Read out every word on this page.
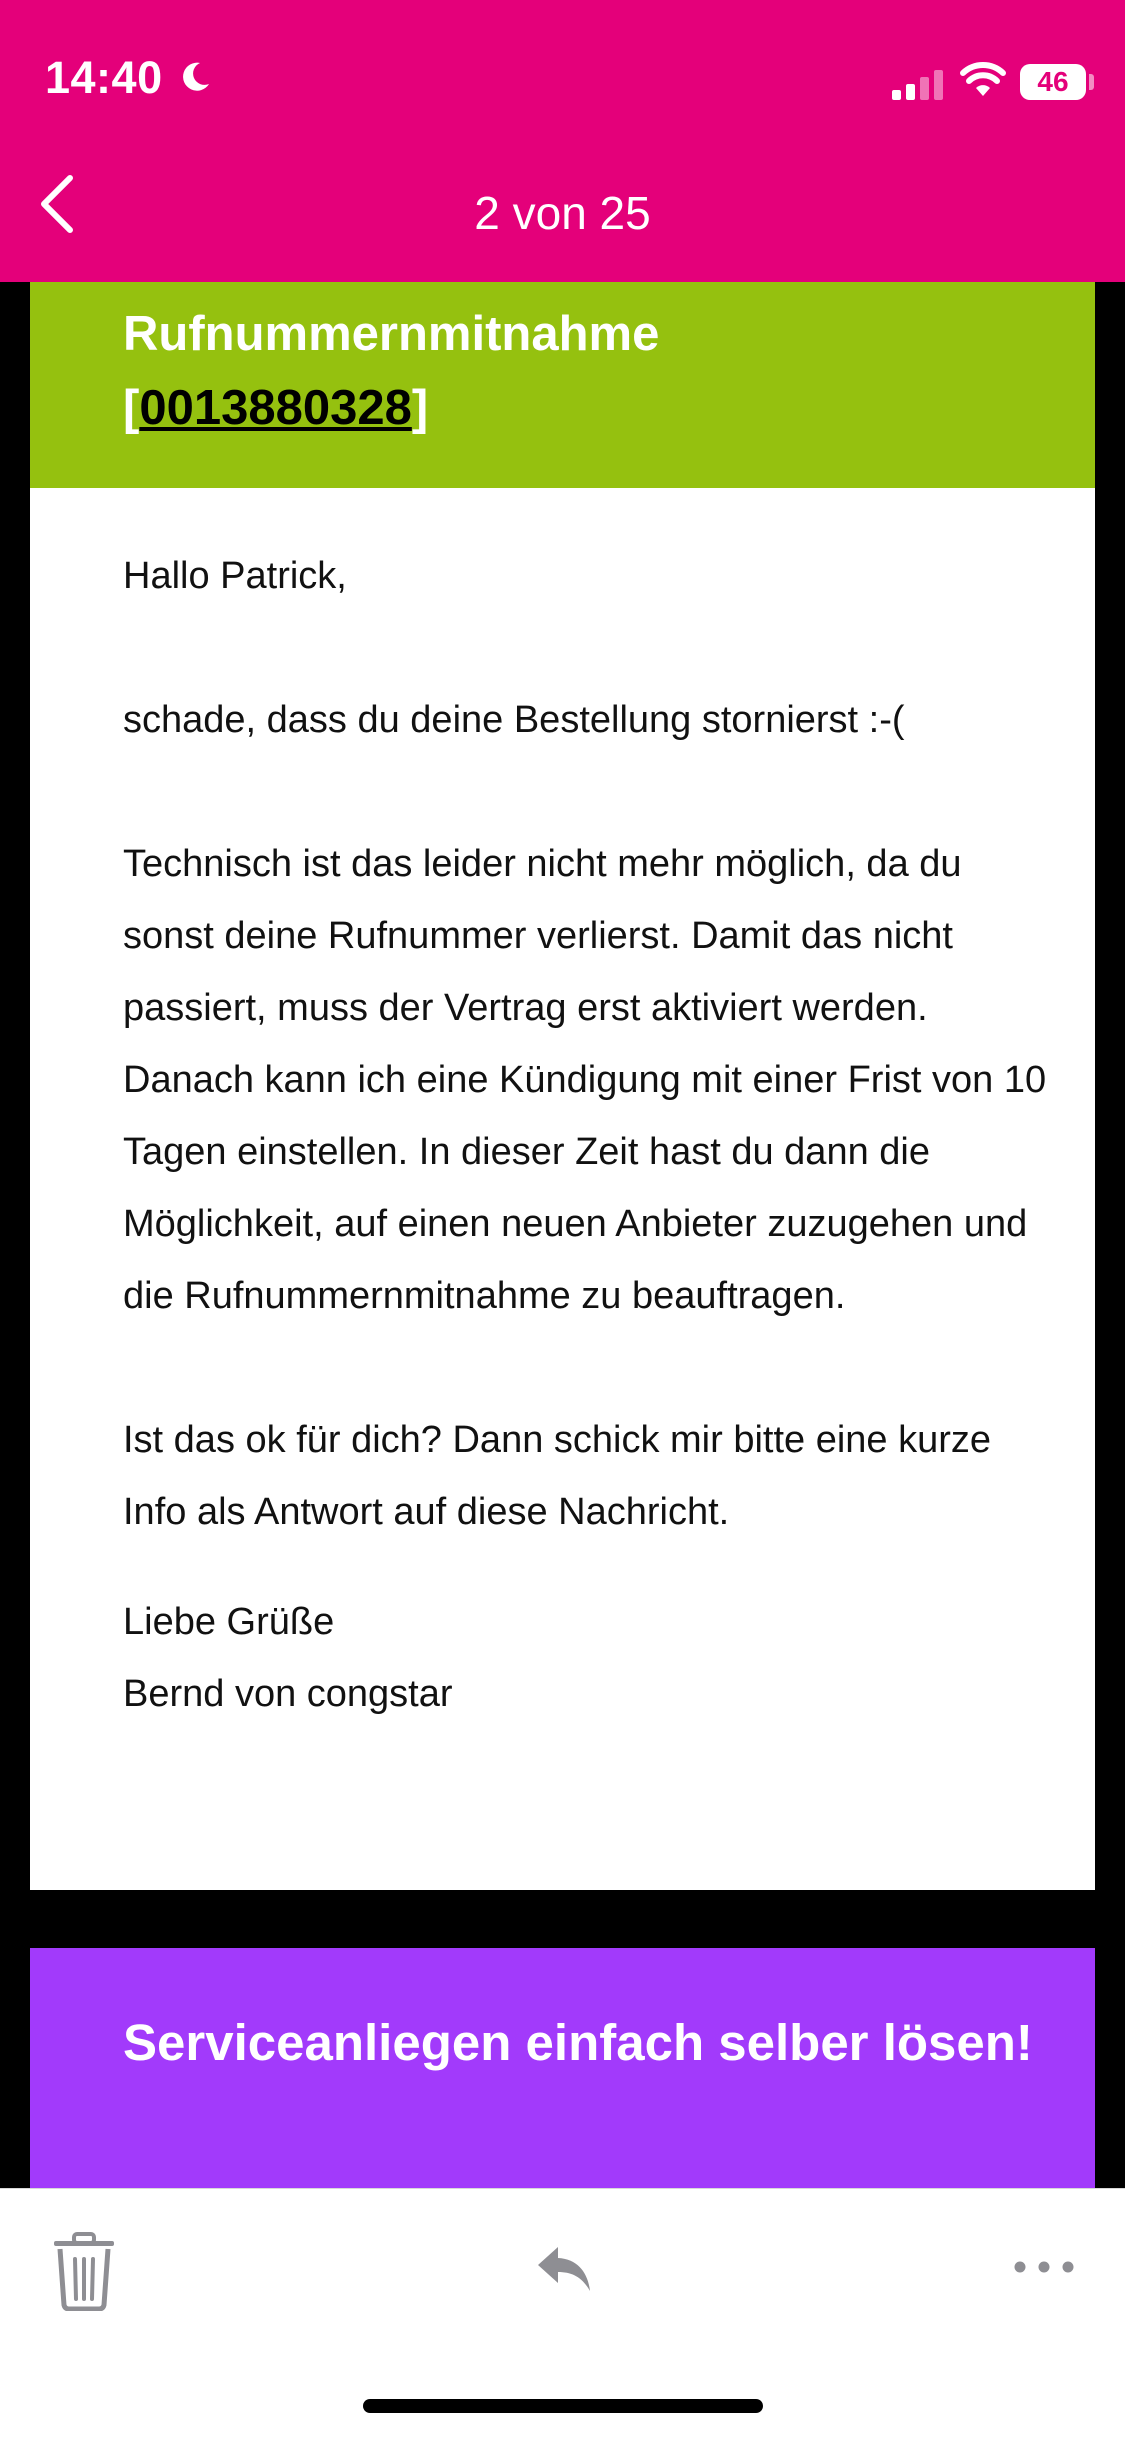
14:40	46
2 von 25
Rufnummernmitnahme
[0013880328]

Hallo Patrick,

schade, dass du deine Bestellung stornierst :-(

Technisch ist das leider nicht mehr möglich, da du sonst deine Rufnummer verlierst. Damit das nicht passiert, muss der Vertrag erst aktiviert werden. Danach kann ich eine Kündigung mit einer Frist von 10 Tagen einstellen. In dieser Zeit hast du dann die Möglichkeit, auf einen neuen Anbieter zuzugehen und die Rufnummernmitnahme zu beauftragen.

Ist das ok für dich? Dann schick mir bitte eine kurze Info als Antwort auf diese Nachricht.

Liebe Grüße

Bernd von congstar

Serviceanliegen einfach selber lösen!
